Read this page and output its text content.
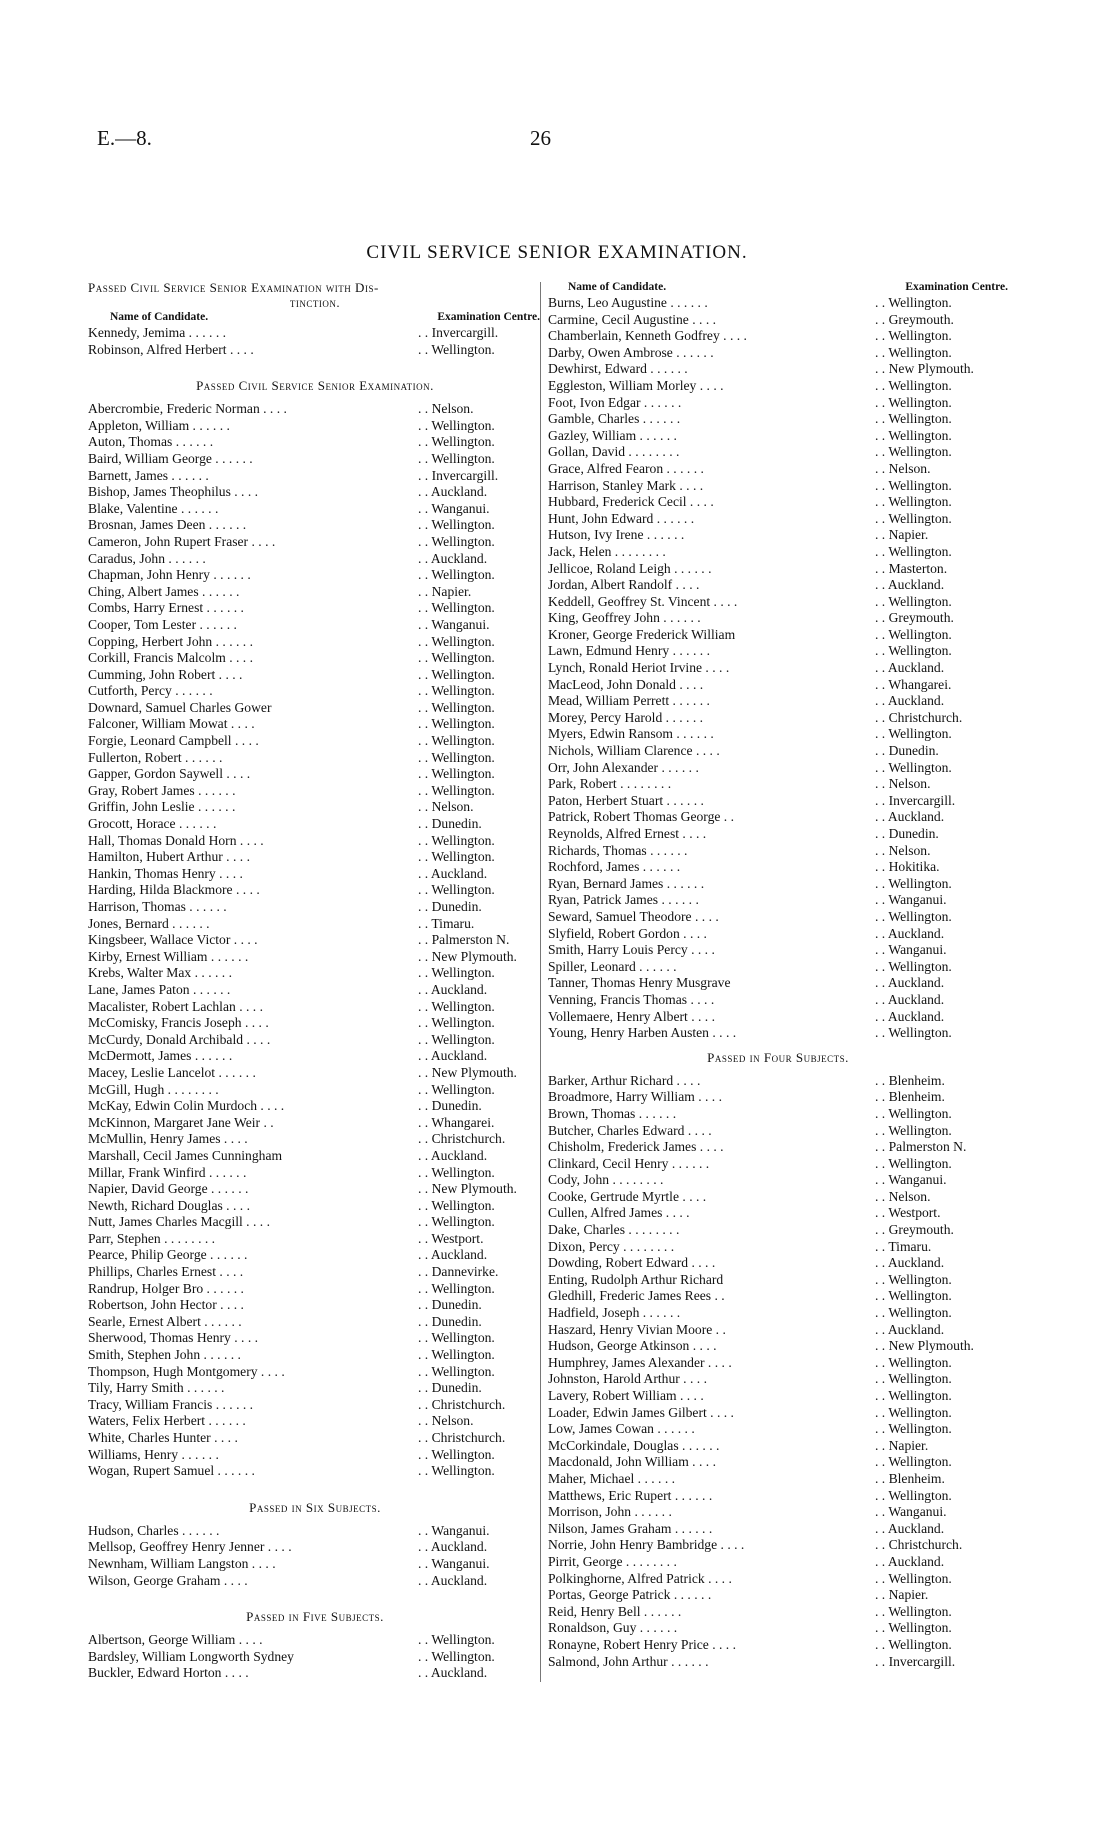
E.—8.	26
CIVIL SERVICE SENIOR EXAMINATION.
Passed Civil Service Senior Examination with Dis-
tinction.
Name of Candidate.	Examination Centre.
Kennedy, Jemima . . . . . .	. . Invercargill.
Robinson, Alfred Herbert . . . .	. . Wellington.
Passed Civil Service Senior Examination.
Abercrombie, Frederic Norman . . . .	. . Nelson.
Appleton, William . . . . . .	. . Wellington.
Auton, Thomas . . . . . .	. . Wellington.
Baird, William George . . . . . .	. . Wellington.
Barnett, James . . . . . .	. . Invercargill.
Bishop, James Theophilus . . . .	. . Auckland.
Blake, Valentine . . . . . .	. . Wanganui.
Brosnan, James Deen . . . . . .	. . Wellington.
Cameron, John Rupert Fraser . . . .	. . Wellington.
Caradus, John . . . . . .	. . Auckland.
Chapman, John Henry . . . . . .	. . Wellington.
Ching, Albert James . . . . . .	. . Napier.
Combs, Harry Ernest . . . . . .	. . Wellington.
Cooper, Tom Lester . . . . . .	. . Wanganui.
Copping, Herbert John . . . . . .	. . Wellington.
Corkill, Francis Malcolm . . . .	. . Wellington.
Cumming, John Robert . . . .	. . Wellington.
Cutforth, Percy . . . . . .	. . Wellington.
Downard, Samuel Charles Gower	. . Wellington.
Falconer, William Mowat . . . .	. . Wellington.
Forgie, Leonard Campbell . . . .	. . Wellington.
Fullerton, Robert . . . . . .	. . Wellington.
Gapper, Gordon Saywell . . . .	. . Wellington.
Gray, Robert James . . . . . .	. . Wellington.
Griffin, John Leslie . . . . . .	. . Nelson.
Grocott, Horace . . . . . .	. . Dunedin.
Hall, Thomas Donald Horn . . . .	. . Wellington.
Hamilton, Hubert Arthur . . . .	. . Wellington.
Hankin, Thomas Henry . . . .	. . Auckland.
Harding, Hilda Blackmore . . . .	. . Wellington.
Harrison, Thomas . . . . . .	. . Dunedin.
Jones, Bernard . . . . . .	. . Timaru.
Kingsbeer, Wallace Victor . . . .	. . Palmerston N.
Kirby, Ernest William . . . . . .	. . New Plymouth.
Krebs, Walter Max . . . . . .	. . Wellington.
Lane, James Paton . . . . . .	. . Auckland.
Macalister, Robert Lachlan . . . .	. . Wellington.
McComisky, Francis Joseph . . . .	. . Wellington.
McCurdy, Donald Archibald . . . .	. . Wellington.
McDermott, James . . . . . .	. . Auckland.
Macey, Leslie Lancelot . . . . . .	. . New Plymouth.
McGill, Hugh . . . . . . . .	. . Wellington.
McKay, Edwin Colin Murdoch . . . .	. . Dunedin.
McKinnon, Margaret Jane Weir . .	. . Whangarei.
McMullin, Henry James . . . .	. . Christchurch.
Marshall, Cecil James Cunningham	. . Auckland.
Millar, Frank Winfird . . . . . .	. . Wellington.
Napier, David George . . . . . .	. . New Plymouth.
Newth, Richard Douglas . . . .	. . Wellington.
Nutt, James Charles Macgill . . . .	. . Wellington.
Parr, Stephen . . . . . . . .	. . Westport.
Pearce, Philip George . . . . . .	. . Auckland.
Phillips, Charles Ernest . . . .	. . Dannevirke.
Randrup, Holger Bro . . . . . .	. . Wellington.
Robertson, John Hector . . . .	. . Dunedin.
Searle, Ernest Albert . . . . . .	. . Dunedin.
Sherwood, Thomas Henry . . . .	. . Wellington.
Smith, Stephen John . . . . . .	. . Wellington.
Thompson, Hugh Montgomery . . . .	. . Wellington.
Tily, Harry Smith . . . . . .	. . Dunedin.
Tracy, William Francis . . . . . .	. . Christchurch.
Waters, Felix Herbert . . . . . .	. . Nelson.
White, Charles Hunter . . . .	. . Christchurch.
Williams, Henry . . . . . .	. . Wellington.
Wogan, Rupert Samuel . . . . . .	. . Wellington.
Passed in Six Subjects.
Hudson, Charles . . . . . .	. . Wanganui.
Mellsop, Geoffrey Henry Jenner . . . .	. . Auckland.
Newnham, William Langston . . . .	. . Wanganui.
Wilson, George Graham . . . .	. . Auckland.
Passed in Five Subjects.
Albertson, George William . . . .	. . Wellington.
Bardsley, William Longworth Sydney	. . Wellington.
Buckler, Edward Horton . . . .	. . Auckland.
Name of Candidate.	Examination Centre.
Burns, Leo Augustine . . . . . .	. . Wellington.
Carmine, Cecil Augustine . . . .	. . Greymouth.
Chamberlain, Kenneth Godfrey . . . .	. . Wellington.
Darby, Owen Ambrose . . . . . .	. . Wellington.
Dewhirst, Edward . . . . . .	. . New Plymouth.
Eggleston, William Morley . . . .	. . Wellington.
Foot, Ivon Edgar . . . . . .	. . Wellington.
Gamble, Charles . . . . . .	. . Wellington.
Gazley, William . . . . . .	. . Wellington.
Gollan, David . . . . . . . .	. . Wellington.
Grace, Alfred Fearon . . . . . .	. . Nelson.
Harrison, Stanley Mark . . . .	. . Wellington.
Hubbard, Frederick Cecil . . . .	. . Wellington.
Hunt, John Edward . . . . . .	. . Wellington.
Hutson, Ivy Irene . . . . . .	. . Napier.
Jack, Helen . . . . . . . .	. . Wellington.
Jellicoe, Roland Leigh . . . . . .	. . Masterton.
Jordan, Albert Randolf . . . .	. . Auckland.
Keddell, Geoffrey St. Vincent . . . .	. . Wellington.
King, Geoffrey John . . . . . .	. . Greymouth.
Kroner, George Frederick William	. . Wellington.
Lawn, Edmund Henry . . . . . .	. . Wellington.
Lynch, Ronald Heriot Irvine . . . .	. . Auckland.
MacLeod, John Donald . . . .	. . Whangarei.
Mead, William Perrett . . . . . .	. . Auckland.
Morey, Percy Harold . . . . . .	. . Christchurch.
Myers, Edwin Ransom . . . . . .	. . Wellington.
Nichols, William Clarence . . . .	. . Dunedin.
Orr, John Alexander . . . . . .	. . Wellington.
Park, Robert . . . . . . . .	. . Nelson.
Paton, Herbert Stuart . . . . . .	. . Invercargill.
Patrick, Robert Thomas George . .	. . Auckland.
Reynolds, Alfred Ernest . . . .	. . Dunedin.
Richards, Thomas . . . . . .	. . Nelson.
Rochford, James . . . . . .	. . Hokitika.
Ryan, Bernard James . . . . . .	. . Wellington.
Ryan, Patrick James . . . . . .	. . Wanganui.
Seward, Samuel Theodore . . . .	. . Wellington.
Slyfield, Robert Gordon . . . .	. . Auckland.
Smith, Harry Louis Percy . . . .	. . Wanganui.
Spiller, Leonard . . . . . .	. . Wellington.
Tanner, Thomas Henry Musgrave	. . Auckland.
Venning, Francis Thomas . . . .	. . Auckland.
Vollemaere, Henry Albert . . . .	. . Auckland.
Young, Henry Harben Austen . . . .	. . Wellington.
Passed in Four Subjects.
Barker, Arthur Richard . . . .	. . Blenheim.
Broadmore, Harry William . . . .	. . Blenheim.
Brown, Thomas . . . . . .	. . Wellington.
Butcher, Charles Edward . . . .	. . Wellington.
Chisholm, Frederick James . . . .	. . Palmerston N.
Clinkard, Cecil Henry . . . . . .	. . Wellington.
Cody, John . . . . . . . .	. . Wanganui.
Cooke, Gertrude Myrtle . . . .	. . Nelson.
Cullen, Alfred James . . . .	. . Westport.
Dake, Charles . . . . . . . .	. . Greymouth.
Dixon, Percy . . . . . . . .	. . Timaru.
Dowding, Robert Edward . . . .	. . Auckland.
Enting, Rudolph Arthur Richard	. . Wellington.
Gledhill, Frederic James Rees . .	. . Wellington.
Hadfield, Joseph . . . . . .	. . Wellington.
Haszard, Henry Vivian Moore . .	. . Auckland.
Hudson, George Atkinson . . . .	. . New Plymouth.
Humphrey, James Alexander . . . .	. . Wellington.
Johnston, Harold Arthur . . . .	. . Wellington.
Lavery, Robert William . . . .	. . Wellington.
Loader, Edwin James Gilbert . . . .	. . Wellington.
Low, James Cowan . . . . . .	. . Wellington.
McCorkindale, Douglas . . . . . .	. . Napier.
Macdonald, John William . . . .	. . Wellington.
Maher, Michael . . . . . .	. . Blenheim.
Matthews, Eric Rupert . . . . . .	. . Wellington.
Morrison, John . . . . . .	. . Wanganui.
Nilson, James Graham . . . . . .	. . Auckland.
Norrie, John Henry Bambridge . . . .	. . Christchurch.
Pirrit, George . . . . . . . .	. . Auckland.
Polkinghorne, Alfred Patrick . . . .	. . Wellington.
Portas, George Patrick . . . . . .	. . Napier.
Reid, Henry Bell . . . . . .	. . Wellington.
Ronaldson, Guy . . . . . .	. . Wellington.
Ronayne, Robert Henry Price . . . .	. . Wellington.
Salmond, John Arthur . . . . . .	. . Invercargill.
